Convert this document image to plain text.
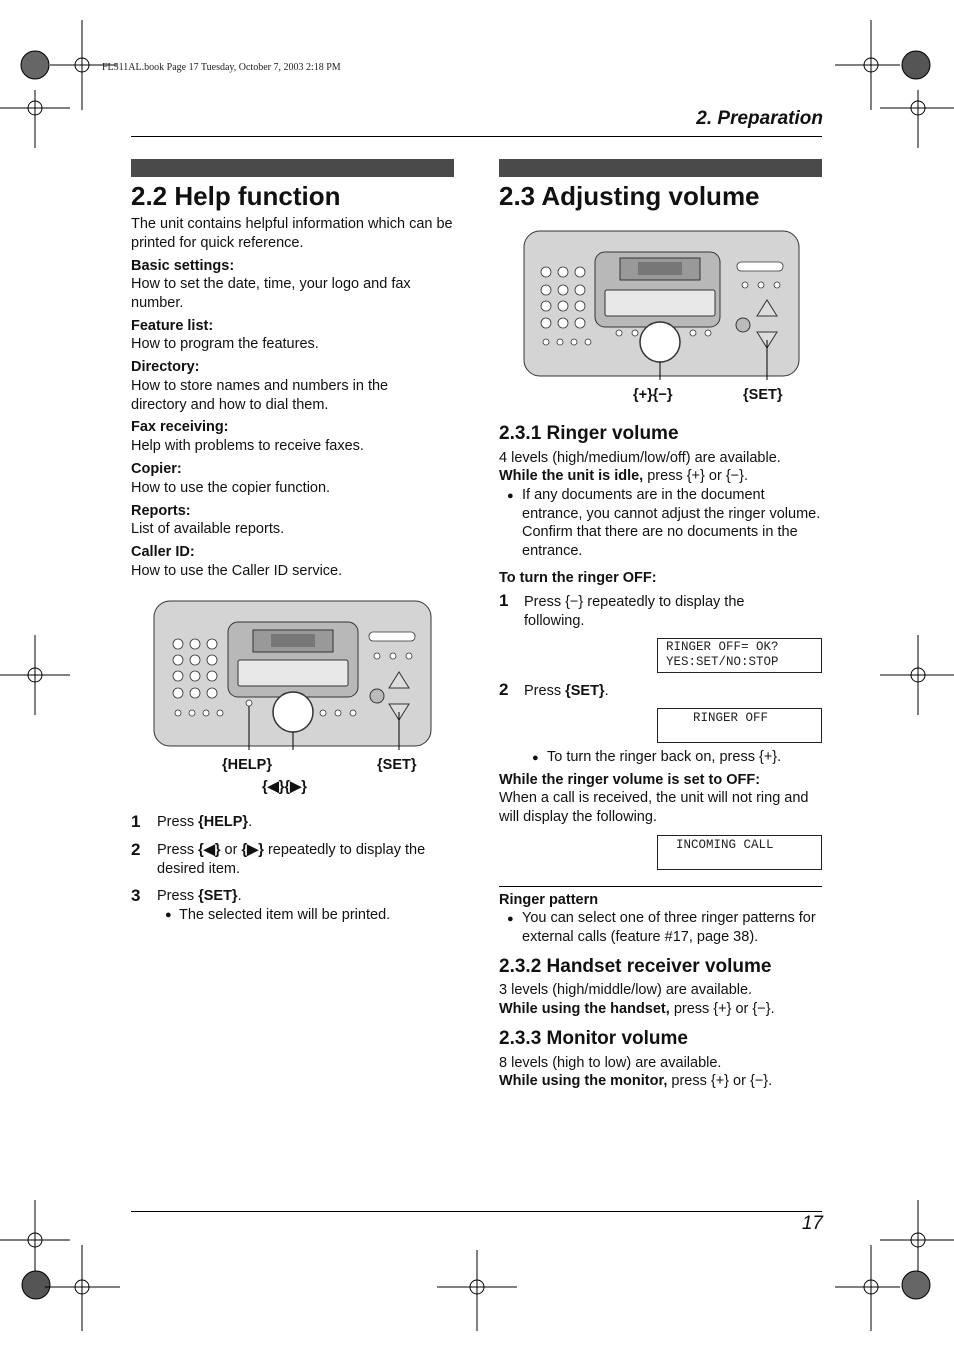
FL511AL.book Page 17 Tuesday, October 7, 2003 2:18 PM
2. Preparation
2.2 Help function
The unit contains helpful information which can be printed for quick reference.
Basic settings:
How to set the date, time, your logo and fax number.
Feature list:
How to program the features.
Directory:
How to store names and numbers in the directory and how to dial them.
Fax receiving:
Help with problems to receive faxes.
Copier:
How to use the copier function.
Reports:
List of available reports.
Caller ID:
How to use the Caller ID service.
{HELP}	{SET}
{◀}{▶}
1 Press {HELP}.
2 Press {◀} or {▶} repeatedly to display the desired item.
3 Press {SET}.
● The selected item will be printed.
2.3 Adjusting volume
{+}{−}	{SET}
2.3.1 Ringer volume
4 levels (high/medium/low/off) are available.
While the unit is idle, press {+} or {−}.
● If any documents are in the document entrance, you cannot adjust the ringer volume. Confirm that there are no documents in the entrance.
To turn the ringer OFF:
1 Press {−} repeatedly to display the following.
RINGER OFF= OK?
YES:SET/NO:STOP
2 Press {SET}.
RINGER OFF
● To turn the ringer back on, press {+}.
While the ringer volume is set to OFF:
When a call is received, the unit will not ring and will display the following.
INCOMING CALL
Ringer pattern
● You can select one of three ringer patterns for external calls (feature #17, page 38).
2.3.2 Handset receiver volume
3 levels (high/middle/low) are available.
While using the handset, press {+} or {−}.
2.3.3 Monitor volume
8 levels (high to low) are available.
While using the monitor, press {+} or {−}.
17
